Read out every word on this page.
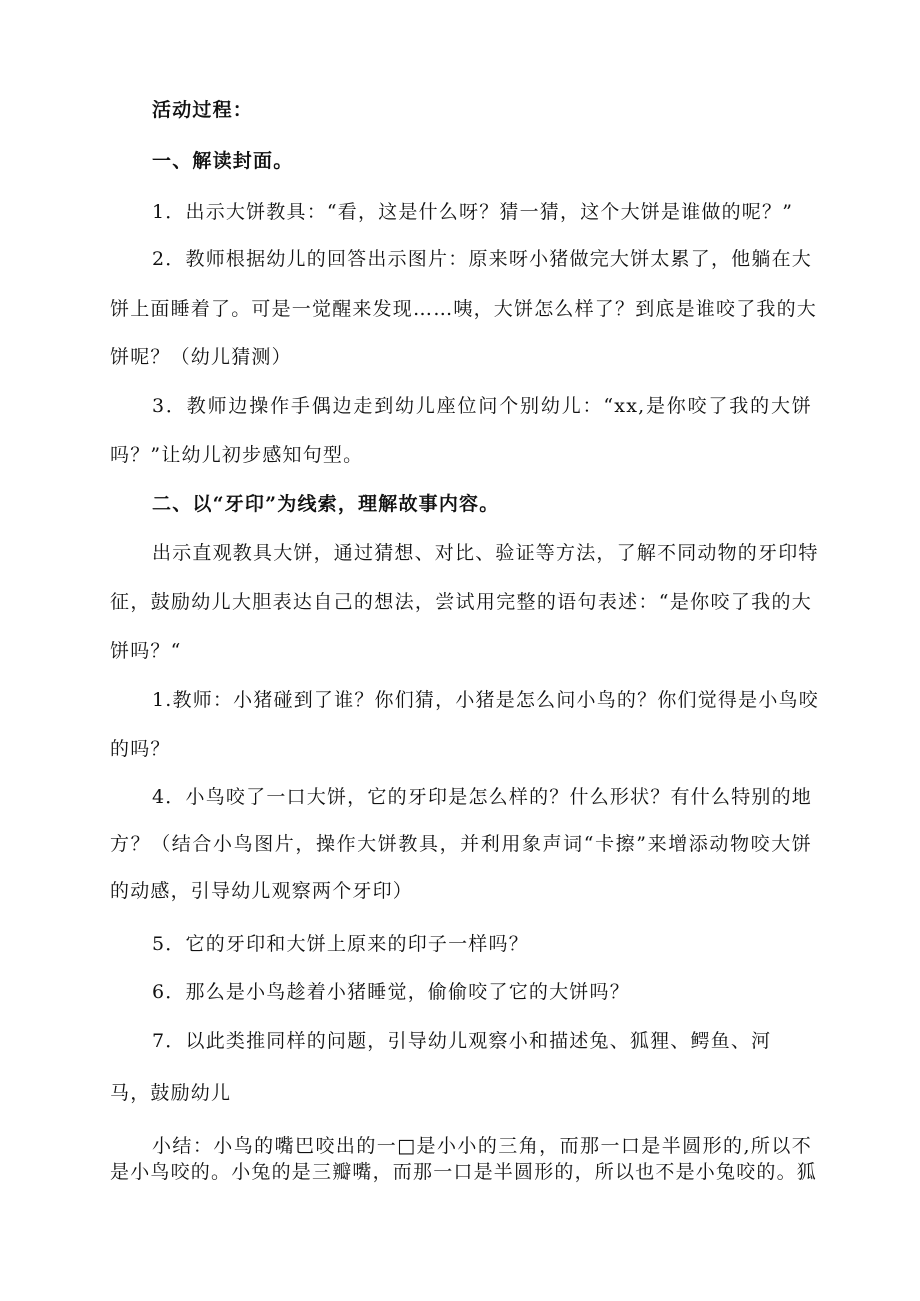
活动过程：
一、解读封面。
1．出示大饼教具：“看，这是什么呀？猜一猜，这个大饼是谁做的呢？”
2．教师根据幼儿的回答出示图片：原来呀小猪做完大饼太累了，他躺在大
饼上面睡着了。可是一觉醒来发现……咦，大饼怎么样了？到底是谁咬了我的大
饼呢？（幼儿猜测）
3．教师边操作手偶边走到幼儿座位问个别幼儿：“xx,是你咬了我的大饼
吗？”让幼儿初步感知句型。
二、以“牙印”为线索，理解故事内容。
出示直观教具大饼，通过猜想、对比、验证等方法，了解不同动物的牙印特
征，鼓励幼儿大胆表达自己的想法，尝试用完整的语句表述：“是你咬了我的大
饼吗？“
1.教师：小猪碰到了谁？你们猜，小猪是怎么问小鸟的？你们觉得是小鸟咬
的吗？
4．小鸟咬了一口大饼，它的牙印是怎么样的？什么形状？有什么特别的地
方？（结合小鸟图片，操作大饼教具，并利用象声词“卡擦”来增添动物咬大饼
的动感，引导幼儿观察两个牙印）
5．它的牙印和大饼上原来的印子一样吗？
6．那么是小鸟趁着小猪睡觉，偷偷咬了它的大饼吗？
7．以此类推同样的问题，引导幼儿观察小和描述兔、狐狸、鳄鱼、河
马，鼓励幼儿
小结：小鸟的嘴巴咬出的一□是小小的三角，而那一口是半圆形的,所以不
是小鸟咬的。小兔的是三瓣嘴，而那一口是半圆形的，所以也不是小兔咬的。狐
